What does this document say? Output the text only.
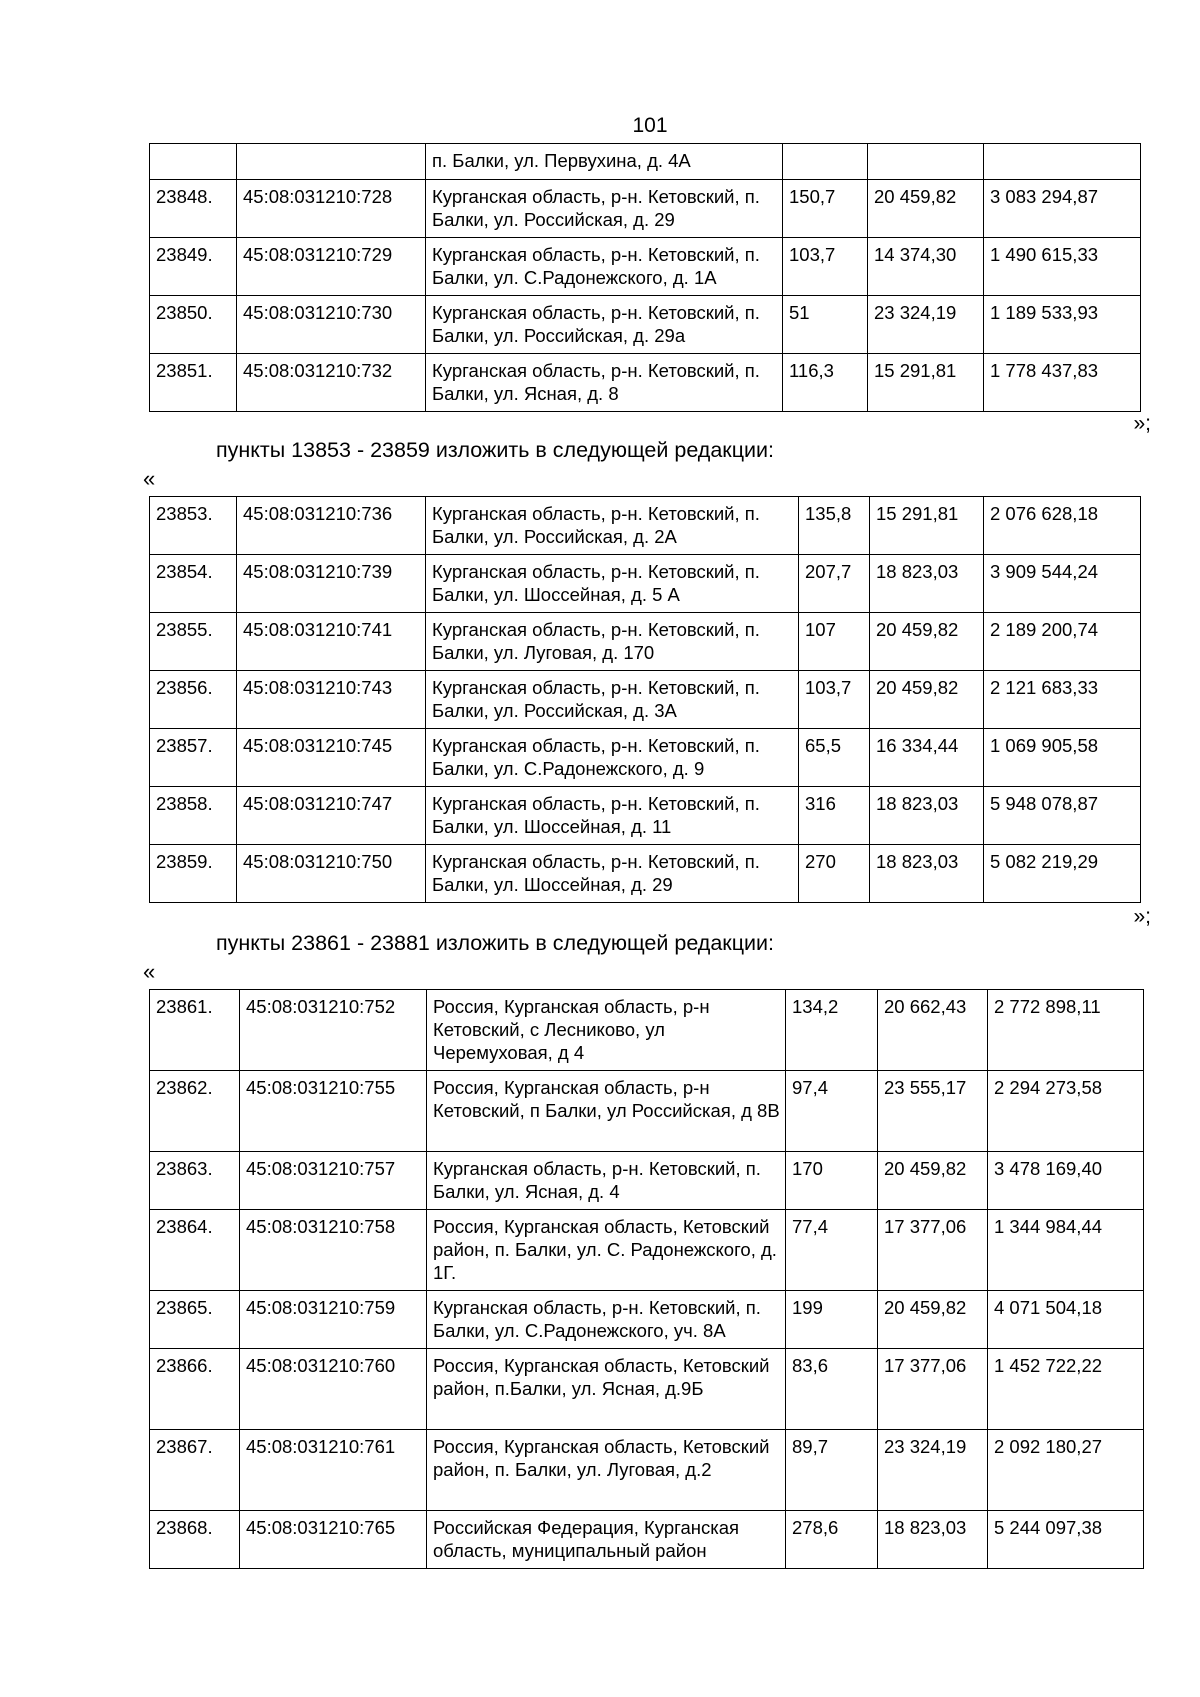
101
		п. Балки, ул. Первухина, д. 4А			
23848.	45:08:031210:728	Курганская область, р-н. Кетовский, п. Балки, ул. Российская, д. 29	150,7	20 459,82	3 083 294,87
23849.	45:08:031210:729	Курганская область, р-н. Кетовский, п. Балки, ул. С.Радонежского, д. 1А	103,7	14 374,30	1 490 615,33
23850.	45:08:031210:730	Курганская область, р-н. Кетовский, п. Балки, ул. Российская, д. 29а	51	23 324,19	1 189 533,93
23851.	45:08:031210:732	Курганская область, р-н. Кетовский, п. Балки, ул. Ясная, д. 8	116,3	15 291,81	1 778 437,83
»;
пункты 13853 - 23859 изложить в следующей редакции:
«
23853.	45:08:031210:736	Курганская область, р-н. Кетовский, п. Балки, ул. Российская, д. 2А	135,8	15 291,81	2 076 628,18
23854.	45:08:031210:739	Курганская область, р-н. Кетовский, п. Балки, ул. Шоссейная, д. 5 А	207,7	18 823,03	3 909 544,24
23855.	45:08:031210:741	Курганская область, р-н. Кетовский, п. Балки, ул. Луговая, д. 170	107	20 459,82	2 189 200,74
23856.	45:08:031210:743	Курганская область, р-н. Кетовский, п. Балки, ул. Российская, д. 3А	103,7	20 459,82	2 121 683,33
23857.	45:08:031210:745	Курганская область, р-н. Кетовский, п. Балки, ул. С.Радонежского, д. 9	65,5	16 334,44	1 069 905,58
23858.	45:08:031210:747	Курганская область, р-н. Кетовский, п. Балки, ул. Шоссейная, д. 11	316	18 823,03	5 948 078,87
23859.	45:08:031210:750	Курганская область, р-н. Кетовский, п. Балки, ул. Шоссейная, д. 29	270	18 823,03	5 082 219,29
»;
пункты 23861 - 23881 изложить в следующей редакции:
«
23861.	45:08:031210:752	Россия, Курганская область, р-н Кетовский, с Лесниково, ул Черемуховая, д 4	134,2	20 662,43	2 772 898,11
23862.	45:08:031210:755	Россия, Курганская область, р-н Кетовский, п Балки, ул Российская, д 8В	97,4	23 555,17	2 294 273,58
23863.	45:08:031210:757	Курганская область, р-н. Кетовский, п. Балки, ул. Ясная, д. 4	170	20 459,82	3 478 169,40
23864.	45:08:031210:758	Россия, Курганская область, Кетовский район, п. Балки, ул. С. Радонежского, д. 1Г.	77,4	17 377,06	1 344 984,44
23865.	45:08:031210:759	Курганская область, р-н. Кетовский, п. Балки, ул. С.Радонежского, уч. 8А	199	20 459,82	4 071 504,18
23866.	45:08:031210:760	Россия, Курганская область, Кетовский район, п.Балки, ул. Ясная, д.9Б	83,6	17 377,06	1 452 722,22
23867.	45:08:031210:761	Россия, Курганская область, Кетовский район, п. Балки, ул. Луговая, д.2	89,7	23 324,19	2 092 180,27
23868.	45:08:031210:765	Российская Федерация, Курганская область, муниципальный район	278,6	18 823,03	5 244 097,38
